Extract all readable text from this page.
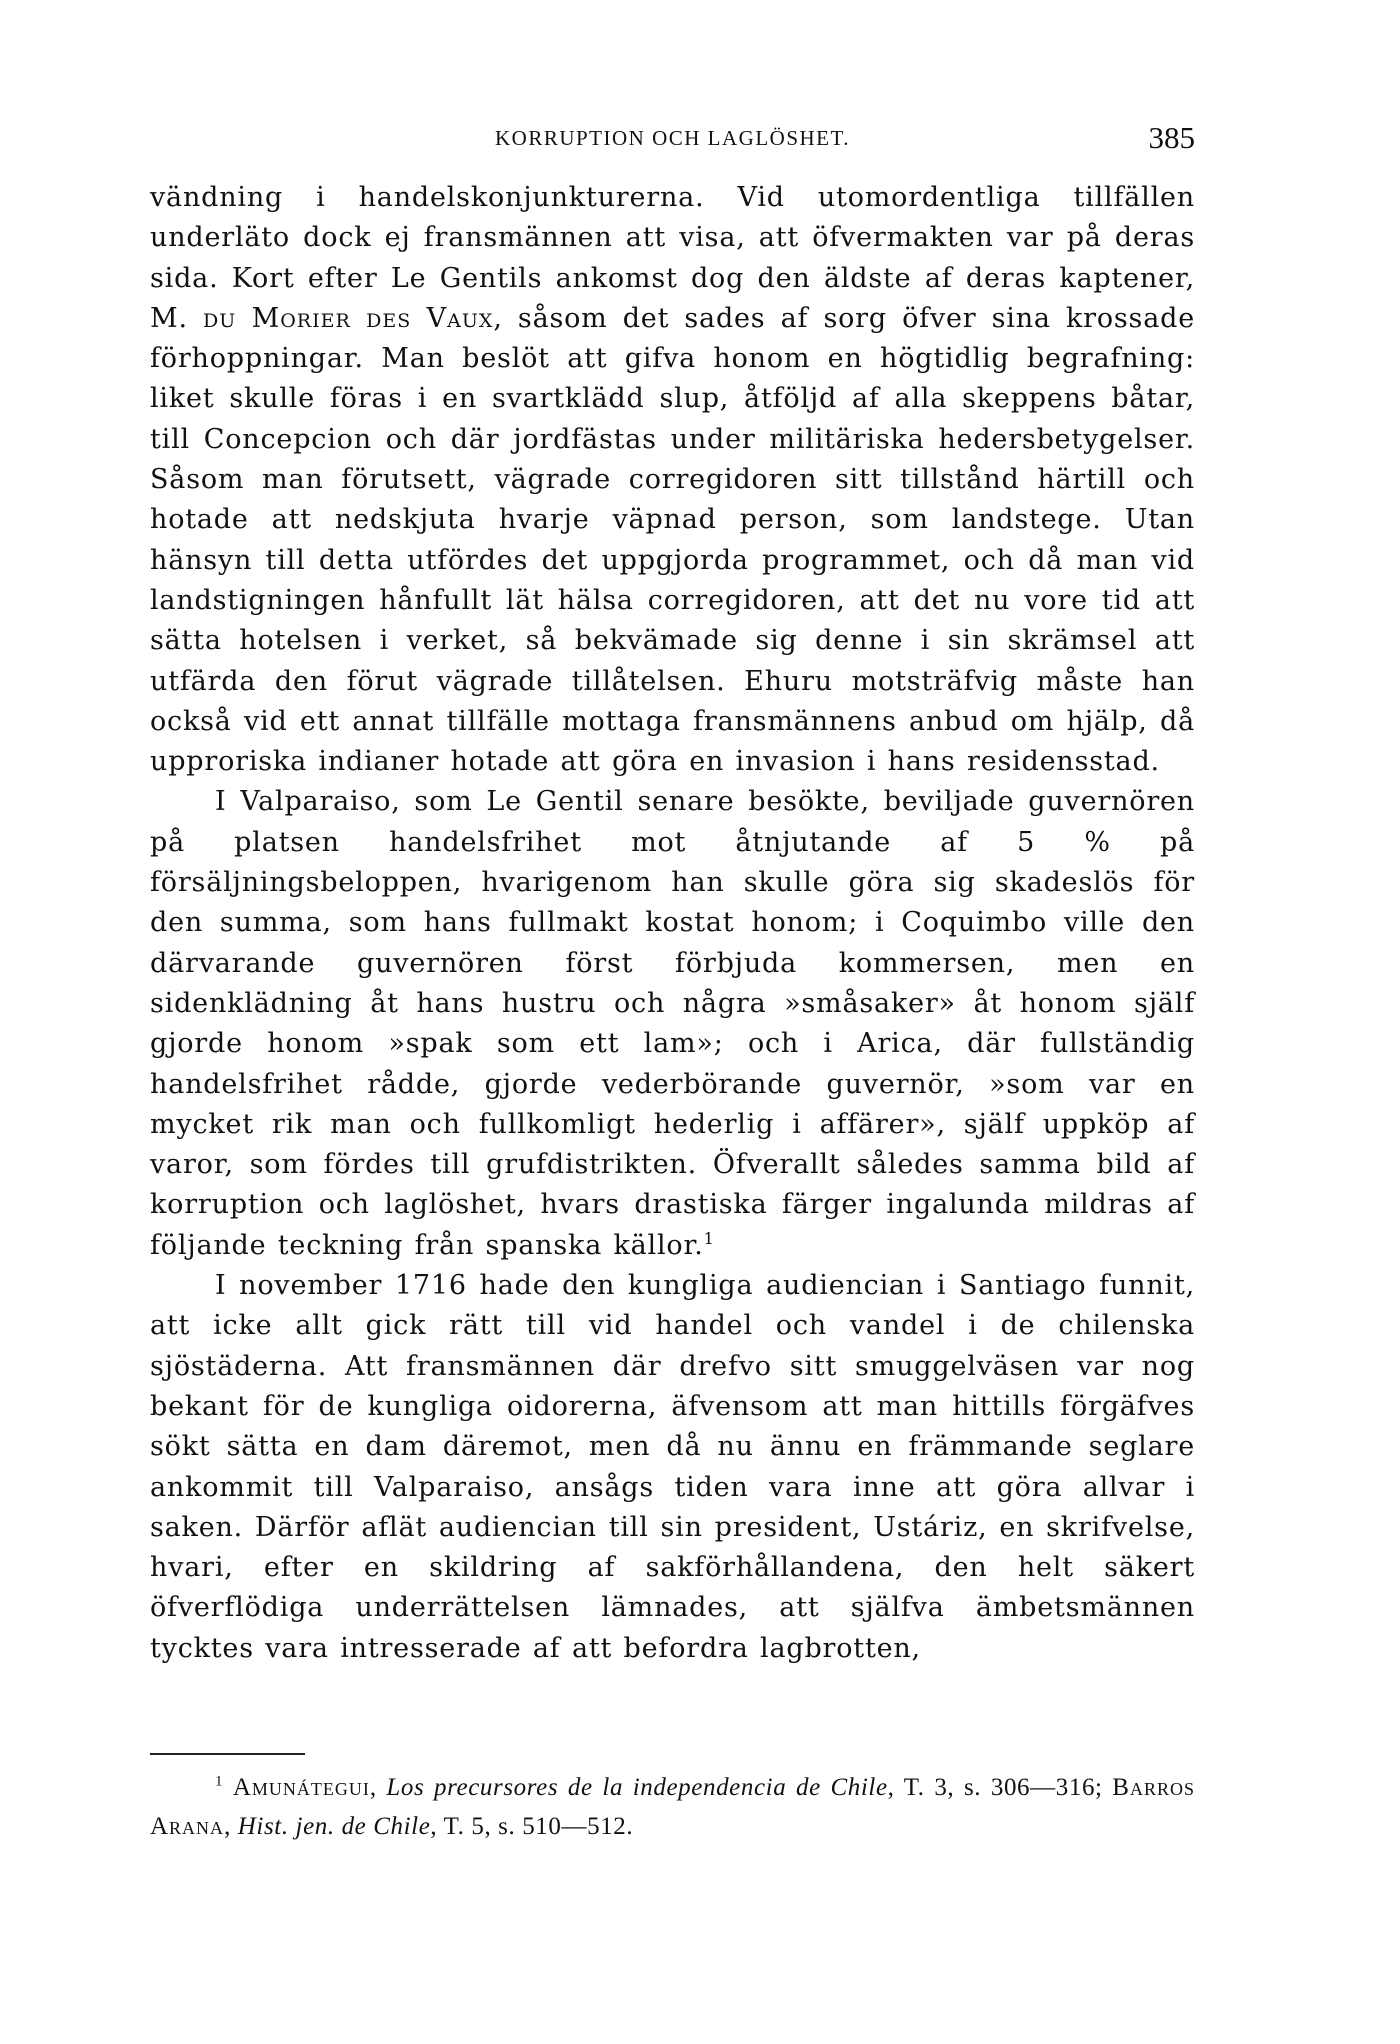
KORRUPTION OCH LAGLÖSHET.	385

vändning i handelskonjunkturerna. Vid utomordentliga tillfällen underläto dock ej fransmännen att visa, att öfvermakten var på deras sida. Kort efter Le Gentils ankomst dog den äldste af deras kaptener, M. du Morier des Vaux, såsom det sades af sorg öfver sina krossade förhoppningar. Man beslöt att gifva honom en högtidlig begrafning: liket skulle föras i en svartklädd slup, åtföljd af alla skeppens båtar, till Concepcion och där jordfästas under militäriska hedersbetygelser. Såsom man förutsett, vägrade corregidoren sitt tillstånd härtill och hotade att nedskjuta hvarje väpnad person, som landstege. Utan hänsyn till detta utfördes det uppgjorda programmet, och då man vid landstigningen hånfullt lät hälsa corregidoren, att det nu vore tid att sätta hotelsen i verket, så bekvämade sig denne i sin skrämsel att utfärda den förut vägrade tillåtelsen. Ehuru motsträfvig måste han också vid ett annat tillfälle mottaga fransmännens anbud om hjälp, då upproriska indianer hotade att göra en invasion i hans residensstad.

I Valparaiso, som Le Gentil senare besökte, beviljade guvernören på platsen handelsfrihet mot åtnjutande af 5 % på försäljningsbeloppen, hvarigenom han skulle göra sig skadeslös för den summa, som hans fullmakt kostat honom; i Coquimbo ville den därvarande guvernören först förbjuda kommersen, men en sidenklädning åt hans hustru och några »småsaker» åt honom själf gjorde honom »spak som ett lam»; och i Arica, där fullständig handelsfrihet rådde, gjorde vederbörande guvernör, »som var en mycket rik man och fullkomligt hederlig i affärer», själf uppköp af varor, som fördes till grufdistrikten. Öfverallt således samma bild af korruption och laglöshet, hvars drastiska färger ingalunda mildras af följande teckning från spanska källor.$^1$

I november 1716 hade den kungliga audiencian i Santiago funnit, att icke allt gick rätt till vid handel och vandel i de chilenska sjöstäderna. Att fransmännen där drefvo sitt smuggelväsen var nog bekant för de kungliga oidorerna, äfvensom att man hittills förgäfves sökt sätta en dam däremot, men då nu ännu en främmande seglare ankommit till Valparaiso, ansågs tiden vara inne att göra allvar i saken. Därför aflät audiencian till sin president, Ustáriz, en skrifvelse, hvari, efter en skildring af sakförhållandena, den helt säkert öfverflödiga underrättelsen lämnades, att själfva ämbetsmännen tycktes vara intresserade af att befordra lagbrotten,

$^1$ Amunátegui, Los precursores de la independencia de Chile, T. 3, s. 306—316; Barros Arana, Hist. jen. de Chile, T. 5, s. 510—512.
